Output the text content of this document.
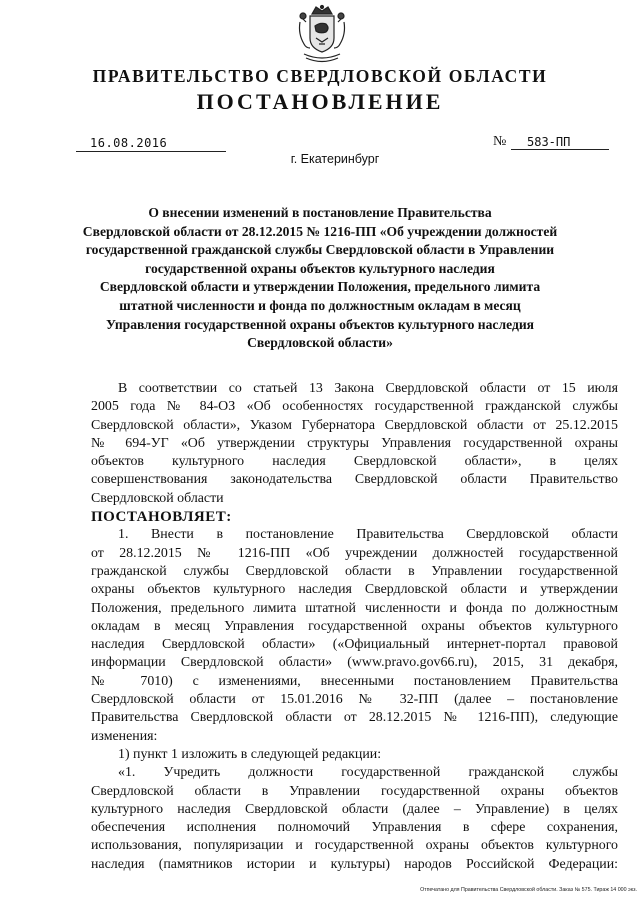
ПРАВИТЕЛЬСТВО СВЕРДЛОВСКОЙ ОБЛАСТИ
ПОСТАНОВЛЕНИЕ
16.08.2016	№	583-ПП
г. Екатеринбург
О внесении изменений в постановление Правительства
Свердловской области от 28.12.2015 № 1216-ПП «Об учреждении должностей
государственной гражданской службы Свердловской области в Управлении
государственной охраны объектов культурного наследия
Свердловской области и утверждении Положения, предельного лимита
штатной численности и фонда по должностным окладам в месяц
Управления государственной охраны объектов культурного наследия
Свердловской области»
В соответствии со статьей 13 Закона Свердловской области от 15 июля
2005 года № 84-ОЗ «Об особенностях государственной гражданской службы
Свердловской области», Указом Губернатора Свердловской области от 25.12.2015
№ 694-УГ «Об утверждении структуры Управления государственной охраны
объектов культурного наследия Свердловской области», в целях
совершенствования законодательства Свердловской области Правительство
Свердловской области
ПОСТАНОВЛЯЕТ:
1. Внести в постановление Правительства Свердловской области
от 28.12.2015 № 1216-ПП «Об учреждении должностей государственной
гражданской службы Свердловской области в Управлении государственной
охраны объектов культурного наследия Свердловской области и утверждении
Положения, предельного лимита штатной численности и фонда по должностным
окладам в месяц Управления государственной охраны объектов культурного
наследия Свердловской области» («Официальный интернет-портал правовой
информации Свердловской области» (www.pravo.gov66.ru), 2015, 31 декабря,
№ 7010) с изменениями, внесенными постановлением Правительства
Свердловской области от 15.01.2016 № 32-ПП (далее – постановление
Правительства Свердловской области от 28.12.2015 № 1216-ПП), следующие
изменения:
1) пункт 1 изложить в следующей редакции:
«1. Учредить должности государственной гражданской службы
Свердловской области в Управлении государственной охраны объектов
культурного наследия Свердловской области (далее – Управление) в целях
обеспечения исполнения полномочий Управления в сфере сохранения,
использования, популяризации и государственной охраны объектов культурного
наследия (памятников истории и культуры) народов Российской Федерации:
Отпечатано для Правительства Свердловской области. Заказ № 575. Тираж 14 000 экз.
